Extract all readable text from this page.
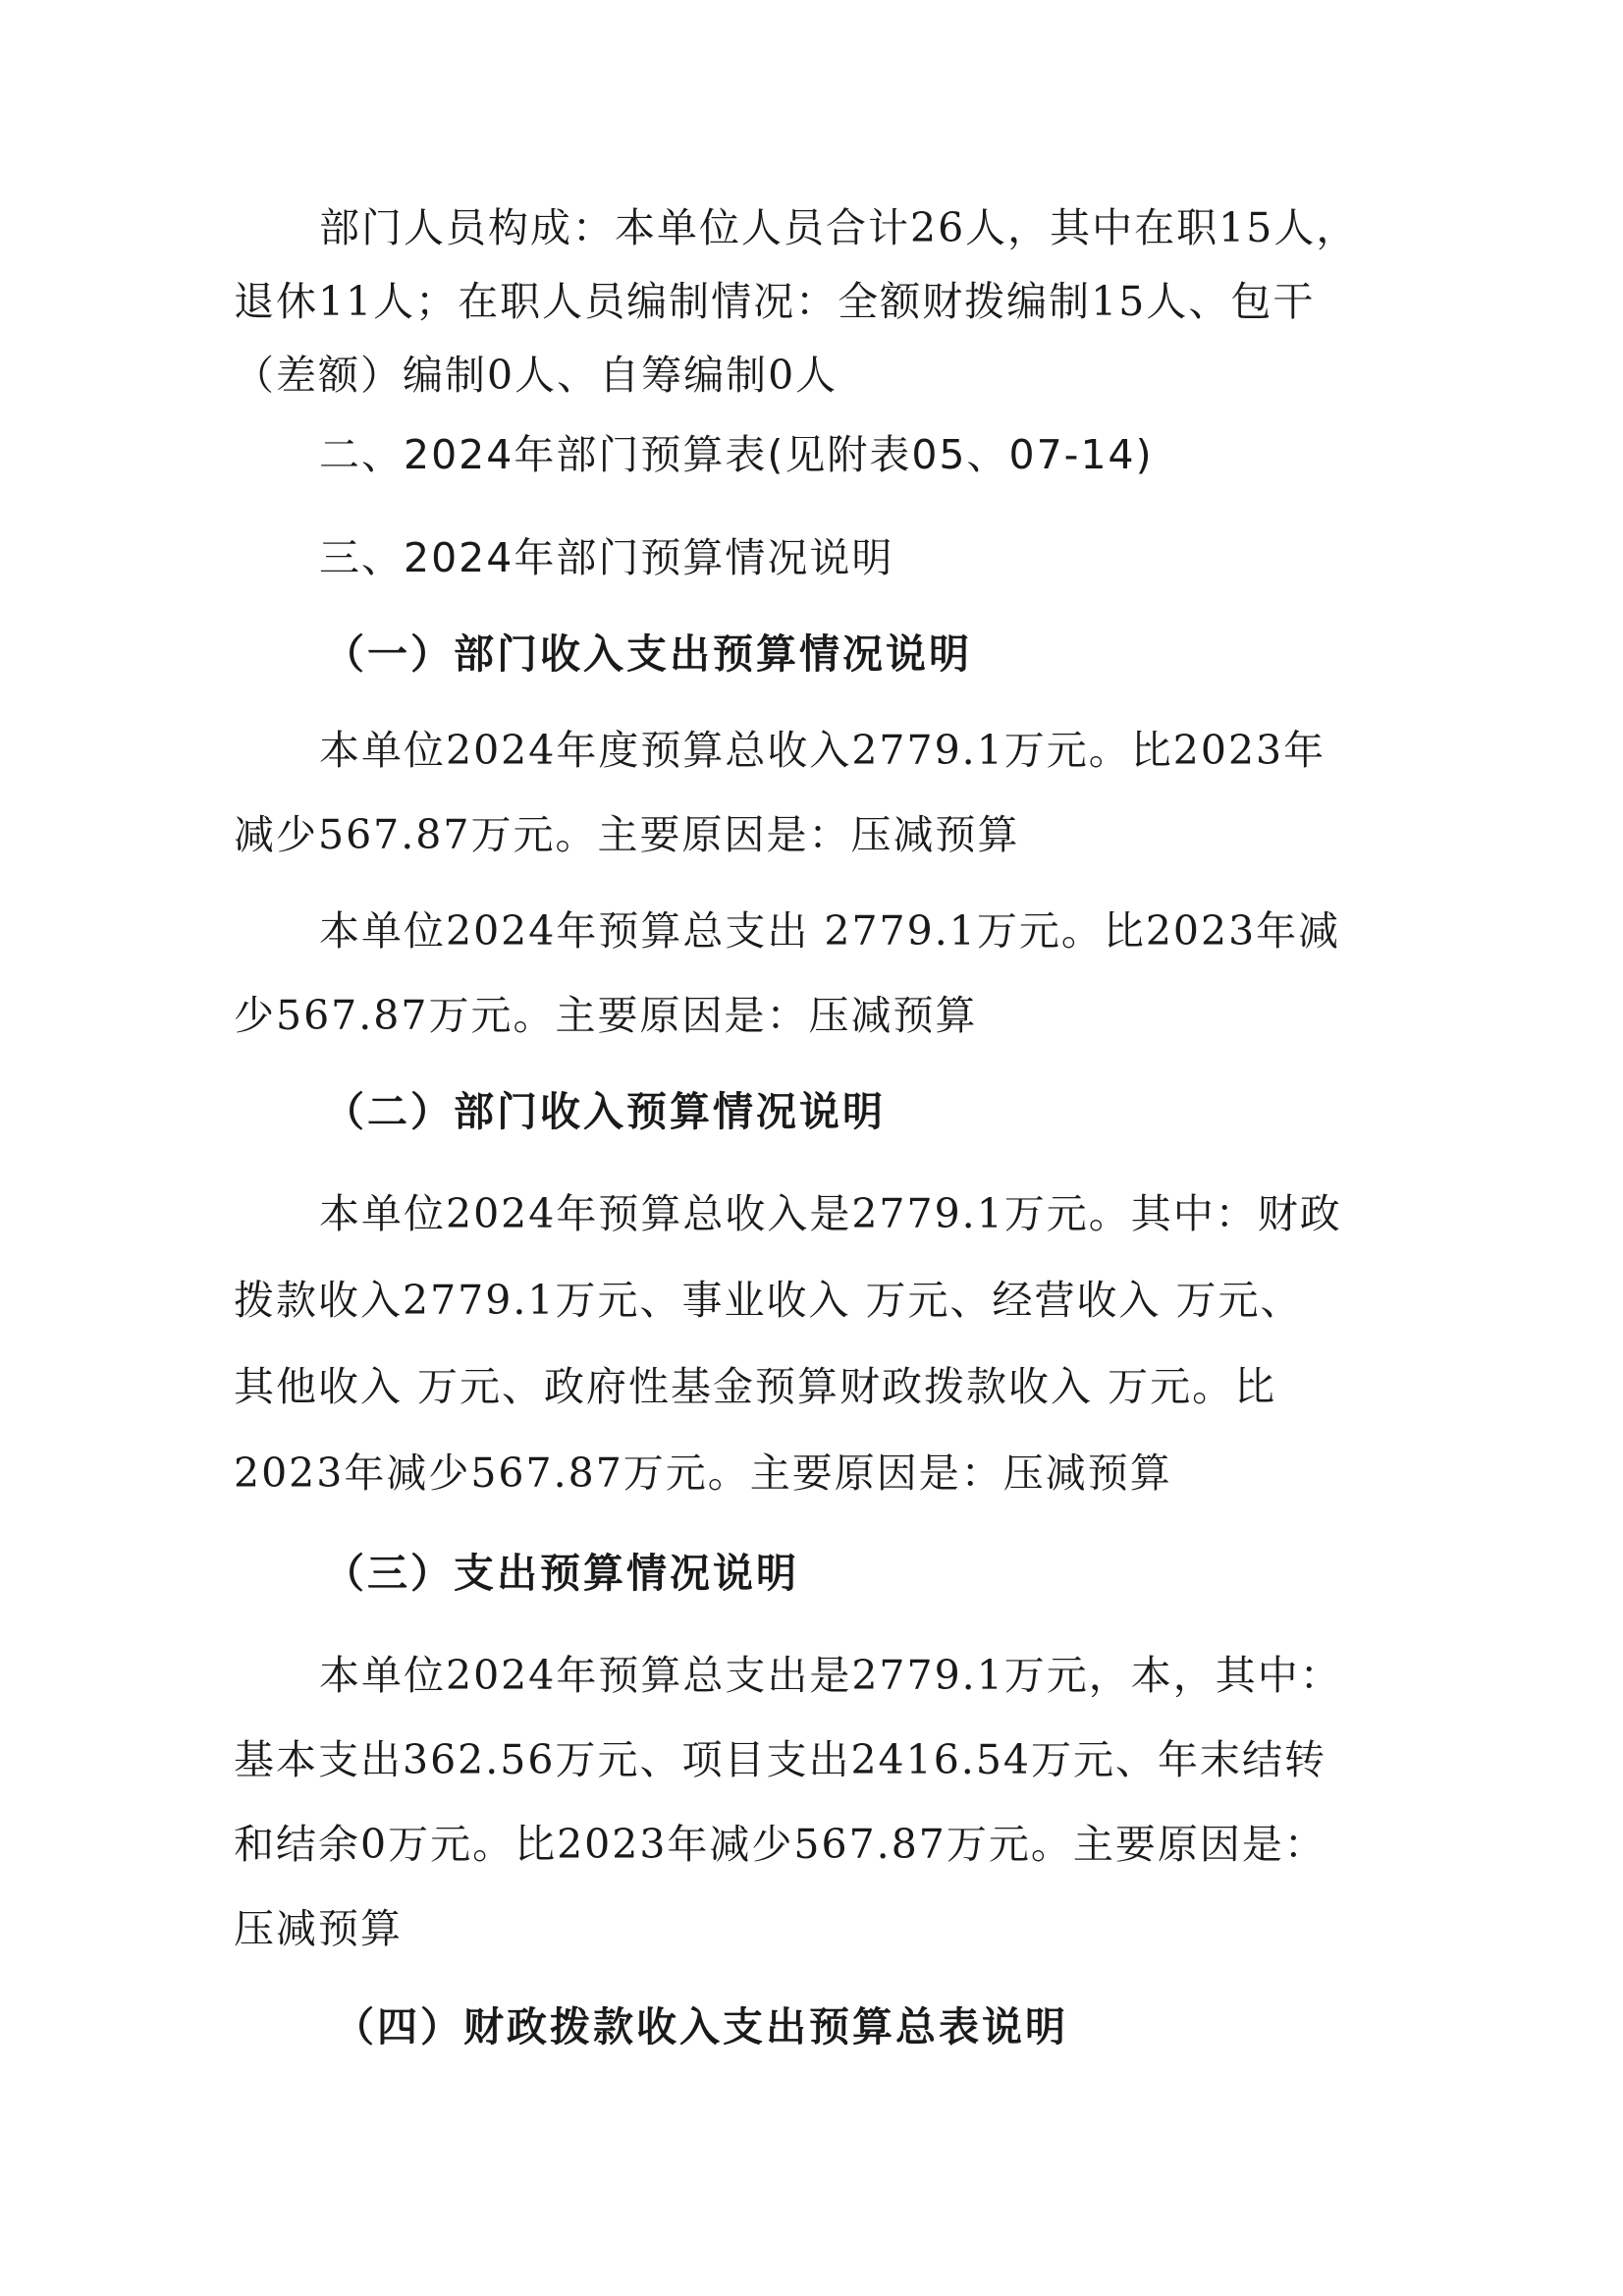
部门人员构成：本单位人员合计26人，其中在职15人，
退休11人；在职人员编制情况：全额财拨编制15人、包干
（差额）编制0人、自筹编制0人
二、2024年部门预算表(见附表05、07-14)
三、2024年部门预算情况说明
（一）部门收入支出预算情况说明
本单位2024年度预算总收入2779.1万元。比2023年
减少567.87万元。主要原因是：压减预算
本单位2024年预算总支出 2779.1万元。比2023年减
少567.87万元。主要原因是：压减预算
（二）部门收入预算情况说明
本单位2024年预算总收入是2779.1万元。其中：财政
拨款收入2779.1万元、事业收入 万元、经营收入 万元、
其他收入 万元、政府性基金预算财政拨款收入 万元。比
2023年减少567.87万元。主要原因是：压减预算
（三）支出预算情况说明
本单位2024年预算总支出是2779.1万元，本，其中：
基本支出362.56万元、项目支出2416.54万元、年末结转
和结余0万元。比2023年减少567.87万元。主要原因是：
压减预算
（四）财政拨款收入支出预算总表说明
